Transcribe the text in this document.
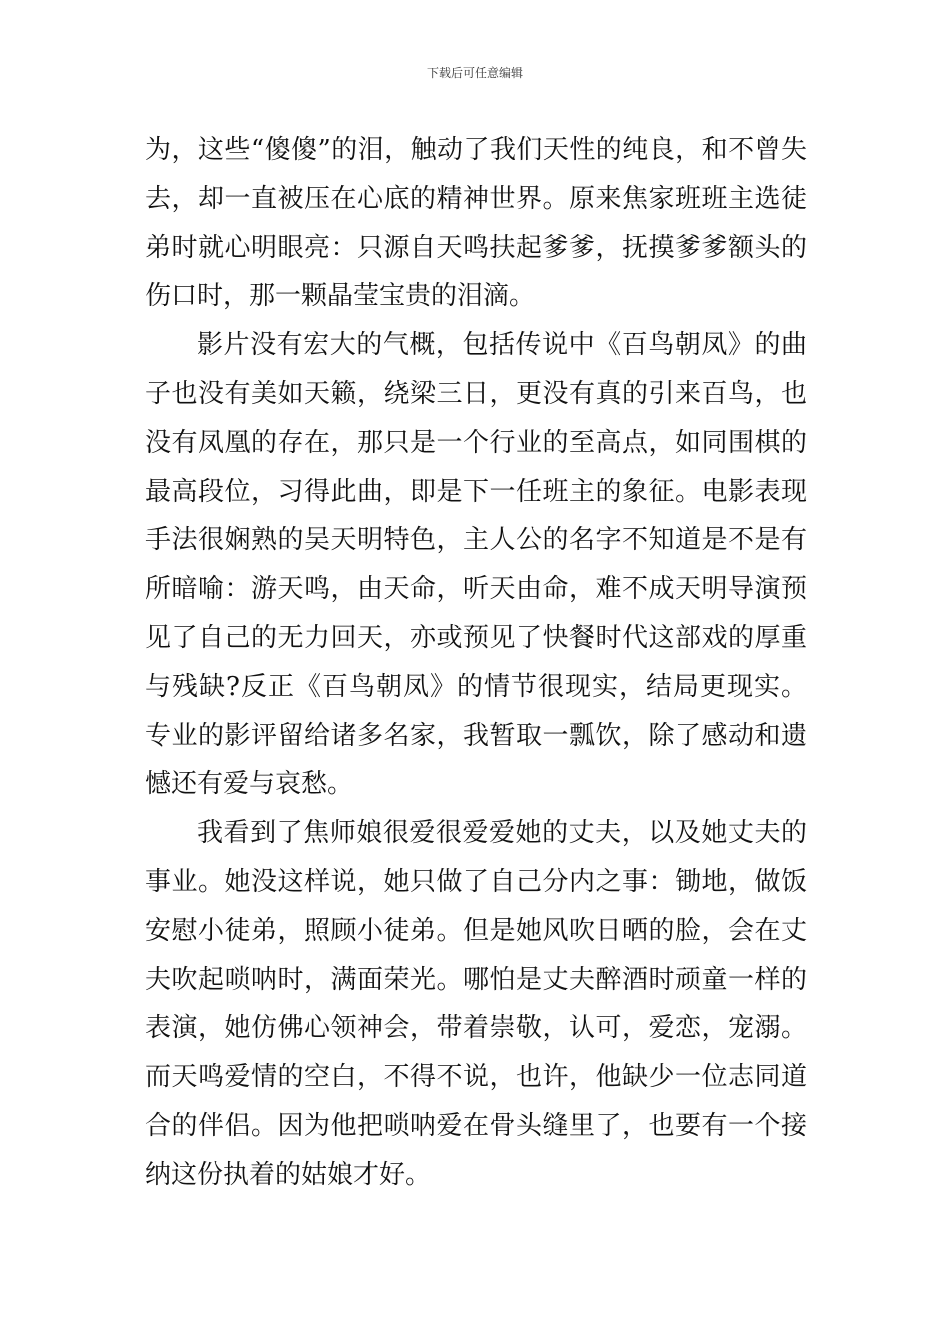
下载后可任意编辑

为，这些“傻傻”的泪，触动了我们天性的纯良，和不曾失去，却一直被压在心底的精神世界。原来焦家班班主选徒弟时就心明眼亮：只源自天鸣扶起爹爹，抚摸爹爹额头的伤口时，那一颗晶莹宝贵的泪滴。

影片没有宏大的气概，包括传说中《百鸟朝凤》的曲子也没有美如天籁，绕梁三日，更没有真的引来百鸟，也没有凤凰的存在，那只是一个行业的至高点，如同围棋的最高段位，习得此曲，即是下一任班主的象征。电影表现手法很娴熟的吴天明特色，主人公的名字不知道是不是有所暗喻：游天鸣，由天命，听天由命，难不成天明导演预见了自己的无力回天，亦或预见了快餐时代这部戏的厚重与残缺?反正《百鸟朝凤》的情节很现实，结局更现实。专业的影评留给诸多名家，我暂取一瓢饮，除了感动和遗憾还有爱与哀愁。

我看到了焦师娘很爱很爱爱她的丈夫，以及她丈夫的事业。她没这样说，她只做了自己分内之事：锄地，做饭安慰小徒弟，照顾小徒弟。但是她风吹日晒的脸，会在丈夫吹起唢呐时，满面荣光。哪怕是丈夫醉酒时顽童一样的表演，她仿佛心领神会，带着崇敬，认可，爱恋，宠溺。而天鸣爱情的空白，不得不说，也许，他缺少一位志同道合的伴侣。因为他把唢呐爱在骨头缝里了，也要有一个接纳这份执着的姑娘才好。
